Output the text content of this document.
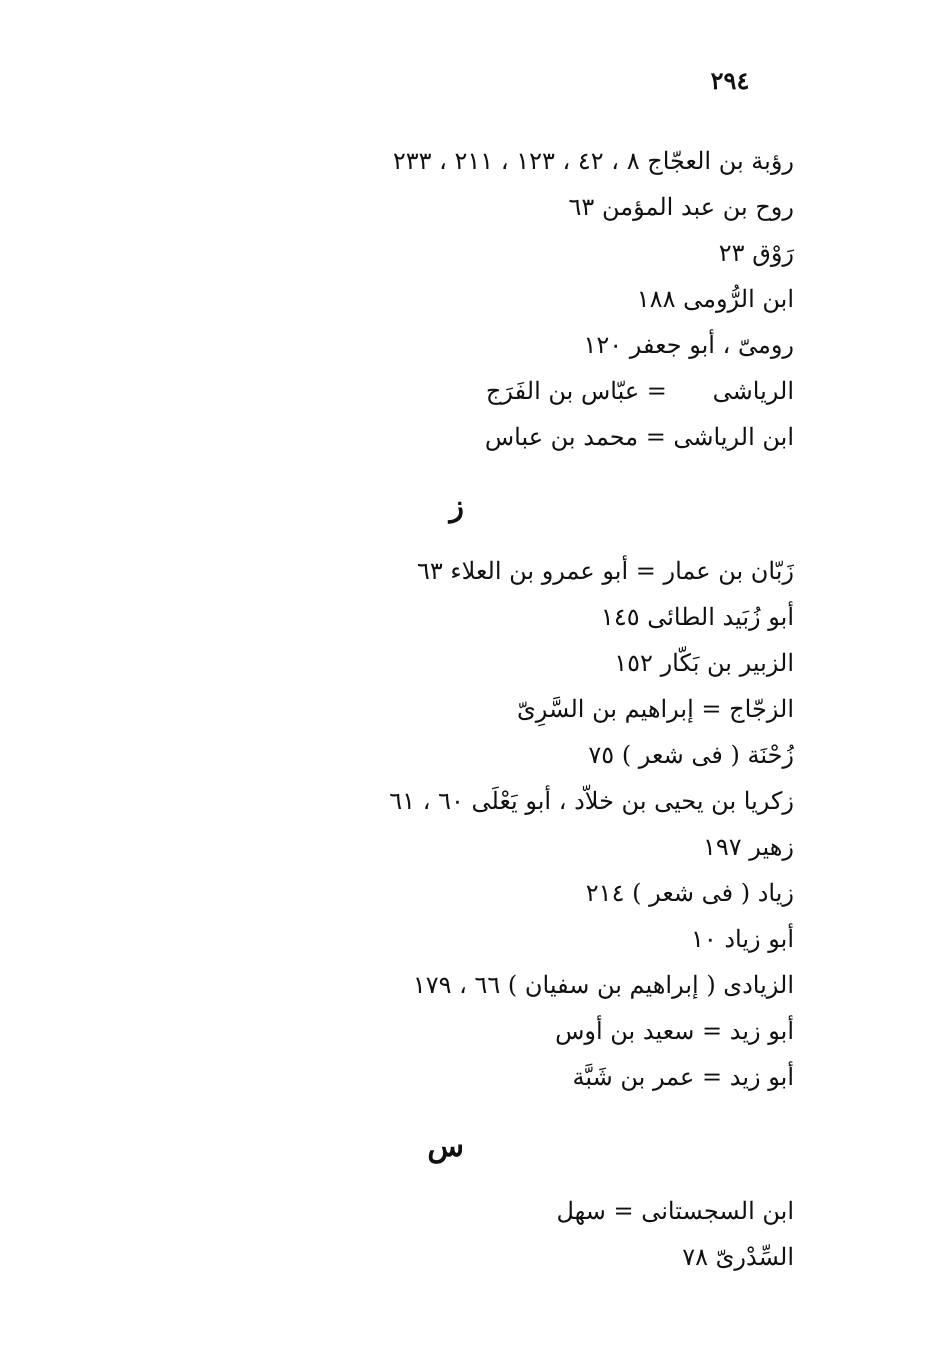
٢٩٤
رؤبة بن العجّاج ٨ ، ٤٢ ، ١٢٣ ، ٢١١ ، ٢٣٣
روح بن عبد المؤمن ٦٣
رَوْق ٢٣
ابن الرُّومى ١٨٨
رومىّ ، أبو جعفر ١٢٠
الرياشى      = عبّاس بن الفَرَج
ابن الرياشى = محمد بن عباس
ز
زَبّان بن عمار = أبو عمرو بن العلاء ٦٣
أبو زُبَيد الطائى ١٤٥
الزبير بن بَكّار ١٥٢
الزجّاج = إبراهيم بن السَّرِىّ
زُحْنَة ( فى شعر ) ٧٥
زكريا بن يحيى بن خلاّد ، أبو يَعْلَى ٦٠ ، ٦١
زهير ١٩٧
زياد ( فى شعر ) ٢١٤
أبو زياد ١٠
الزيادى ( إبراهيم بن سفيان ) ٦٦ ، ١٧٩
أبو زيد = سعيد بن أوس
أبو زيد = عمر بن شَبَّة
س
ابن السجستانى = سهل
السِّدْرىّ ٧٨
